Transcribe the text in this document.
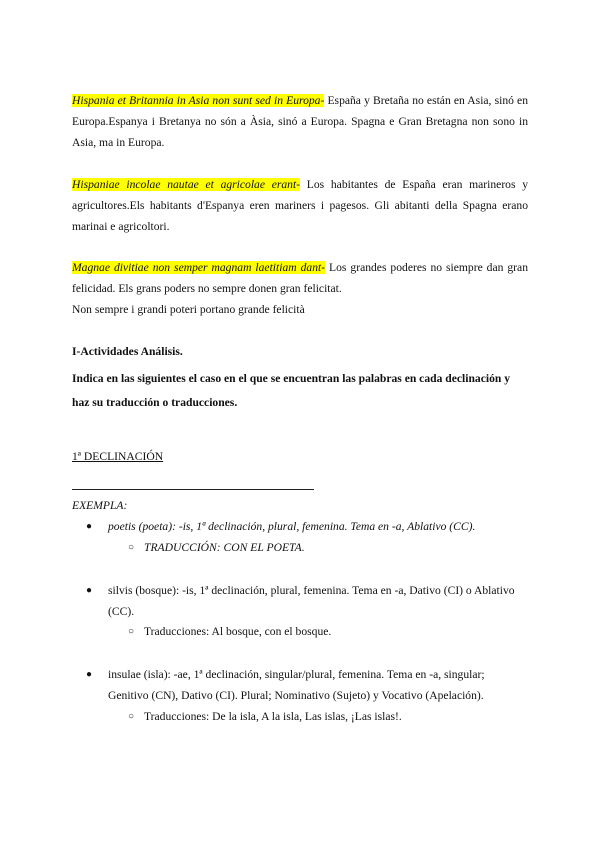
Hispania et Britannia in Asia non sunt sed in Europa- España y Bretaña no están en Asia, sinó en Europa.Espanya i Bretanya no són a Àsia, sinó a Europa. Spagna e Gran Bretagna non sono in Asia, ma in Europa.
Hispaniae incolae nautae et agricolae erant- Los habitantes de España eran marineros y agricultores.Els habitants d'Espanya eren mariners i pagesos. Gli abitanti della Spagna erano marinai e agricoltori.
Magnae divitiae non semper magnam laetitiam dant- Los grandes poderes no siempre dan gran felicidad. Els grans poders no sempre donen gran felicitat.
Non sempre i grandi poteri portano grande felicità
I-Actividades Análisis.
Indica en las siguientes el caso en el que se encuentran las palabras en cada declinación y haz su traducción o traducciones.
1ª DECLINACIÓN
EXEMPLA:
● poetis (poeta): -is, 1ª declinación, plural, femenina. Tema en -a, Ablativo (CC).
○ TRADUCCIÓN: CON EL POETA.
● silvis (bosque): -is, 1ª declinación, plural, femenina. Tema en -a, Dativo (CI) o Ablativo (CC).
○ Traducciones: Al bosque, con el bosque.
● insulae (isla): -ae, 1ª declinación, singular/plural, femenina. Tema en -a, singular; Genitivo (CN), Dativo (CI). Plural; Nominativo (Sujeto) y Vocativo (Apelación).
○ Traducciones: De la isla, A la isla, Las islas, ¡Las islas!.
